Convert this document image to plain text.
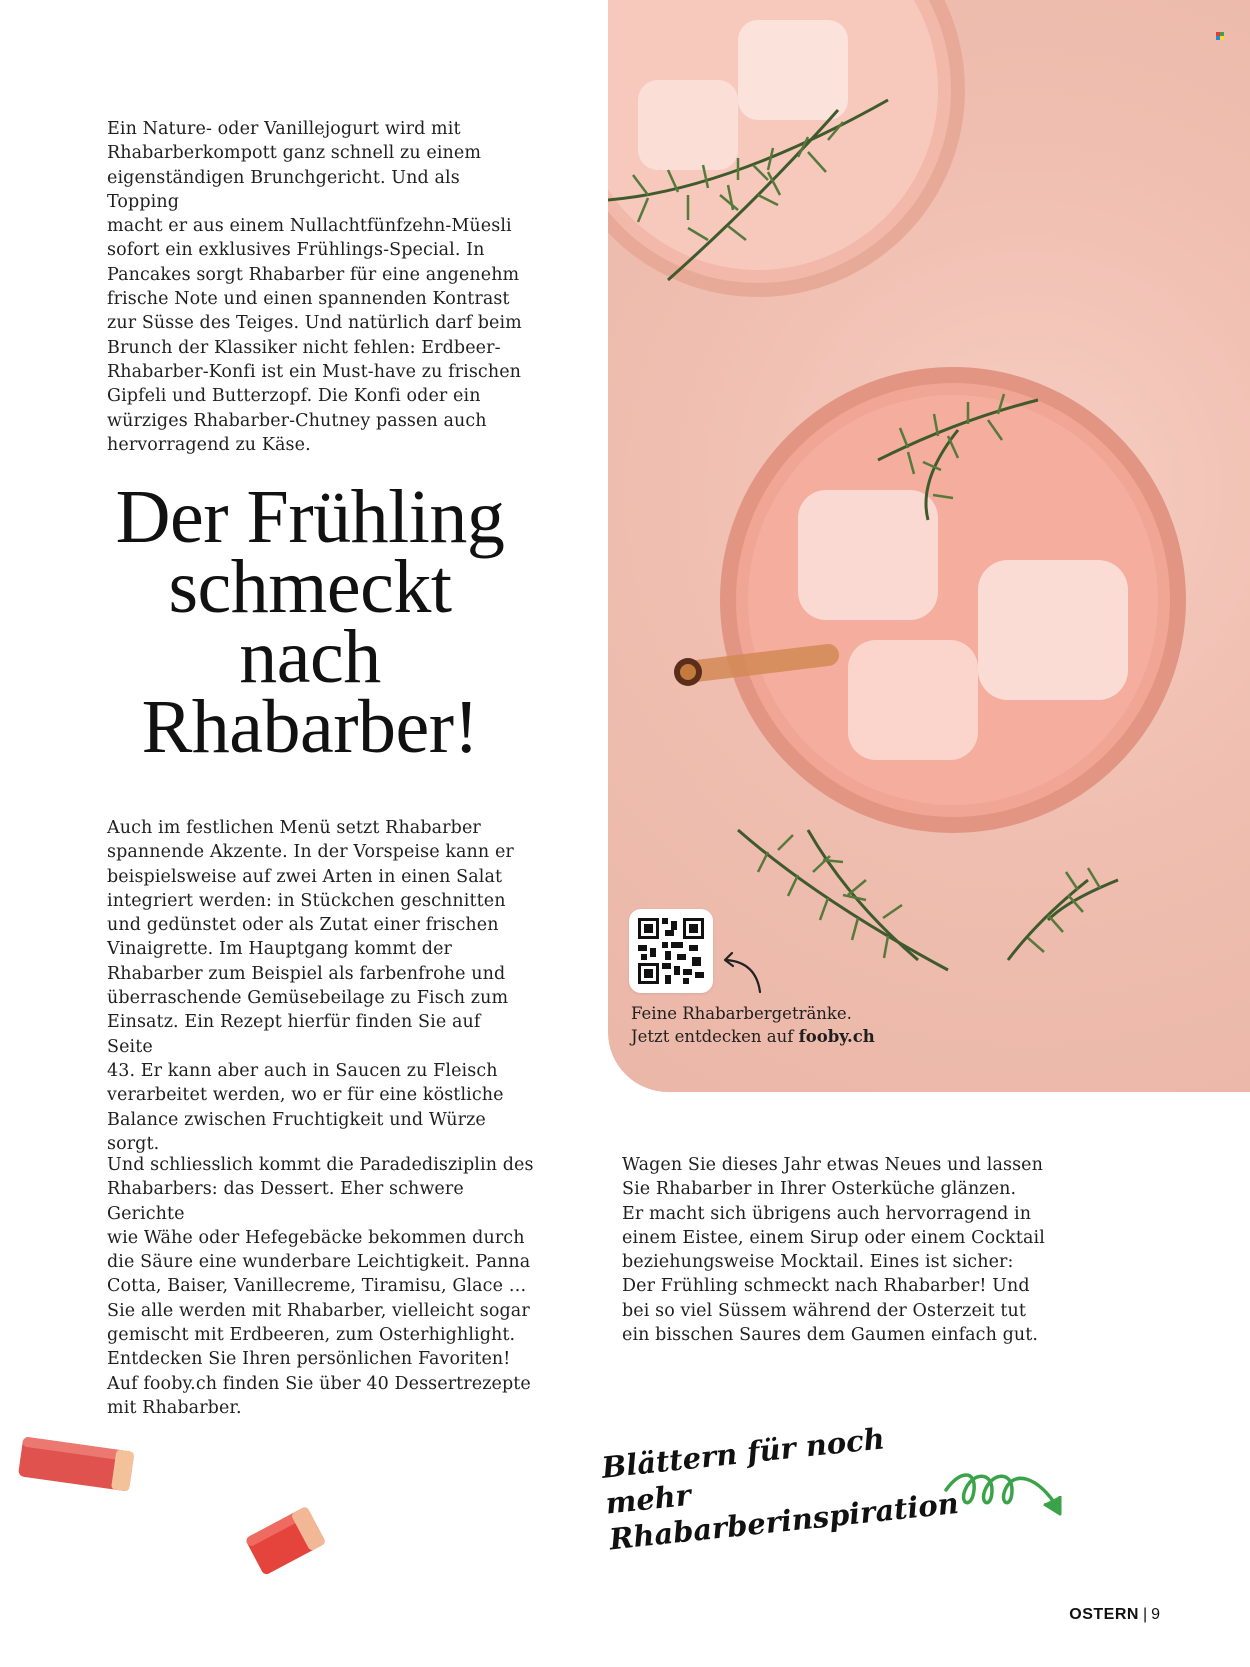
Feine Rhabarbergetränke.
Jetzt entdecken auf fooby.ch

Ein Nature- oder Vanillejogurt wird mit
Rhabarberkompott ganz schnell zu einem
eigenständigen Brunchgericht. Und als Topping
macht er aus einem Nullachtfünfzehn-Müesli
sofort ein exklusives Frühlings-Special. In
Pancakes sorgt Rhabarber für eine angenehm
frische Note und einen spannenden Kontrast
zur Süsse des Teiges. Und natürlich darf beim
Brunch der Klassiker nicht fehlen: Erdbeer-
Rhabarber-Konfi ist ein Must-have zu frischen
Gipfeli und Butterzopf. Die Konfi oder ein
würziges Rhabarber-Chutney passen auch
hervorragend zu Käse.

Der Frühling
schmeckt
nach
Rhabarber!

Auch im festlichen Menü setzt Rhabarber
spannende Akzente. In der Vorspeise kann er
beispielsweise auf zwei Arten in einen Salat
integriert werden: in Stückchen geschnitten
und gedünstet oder als Zutat einer frischen
Vinaigrette. Im Hauptgang kommt der
Rhabarber zum Beispiel als farbenfrohe und
überraschende Gemüsebeilage zu Fisch zum
Einsatz. Ein Rezept hierfür finden Sie auf Seite
43. Er kann aber auch in Saucen zu Fleisch
verarbeitet werden, wo er für eine köstliche
Balance zwischen Fruchtigkeit und Würze
sorgt.

Und schliesslich kommt die Paradedisziplin des
Rhabarbers: das Dessert. Eher schwere Gerichte
wie Wähe oder Hefegebäcke bekommen durch
die Säure eine wunderbare Leichtigkeit. Panna
Cotta, Baiser, Vanillecreme, Tiramisu, Glace …
Sie alle werden mit Rhabarber, vielleicht sogar
gemischt mit Erdbeeren, zum Osterhighlight.
Entdecken Sie Ihren persönlichen Favoriten!
Auf fooby.ch finden Sie über 40 Dessertrezepte
mit Rhabarber.

Wagen Sie dieses Jahr etwas Neues und lassen
Sie Rhabarber in Ihrer Osterküche glänzen.
Er macht sich übrigens auch hervorragend in
einem Eistee, einem Sirup oder einem Cocktail
beziehungsweise Mocktail. Eines ist sicher:
Der Frühling schmeckt nach Rhabarber! Und
bei so viel Süssem während der Osterzeit tut
ein bisschen Saures dem Gaumen einfach gut.

Blättern für noch mehr
Rhabarberinspiration
OSTERN | 9
